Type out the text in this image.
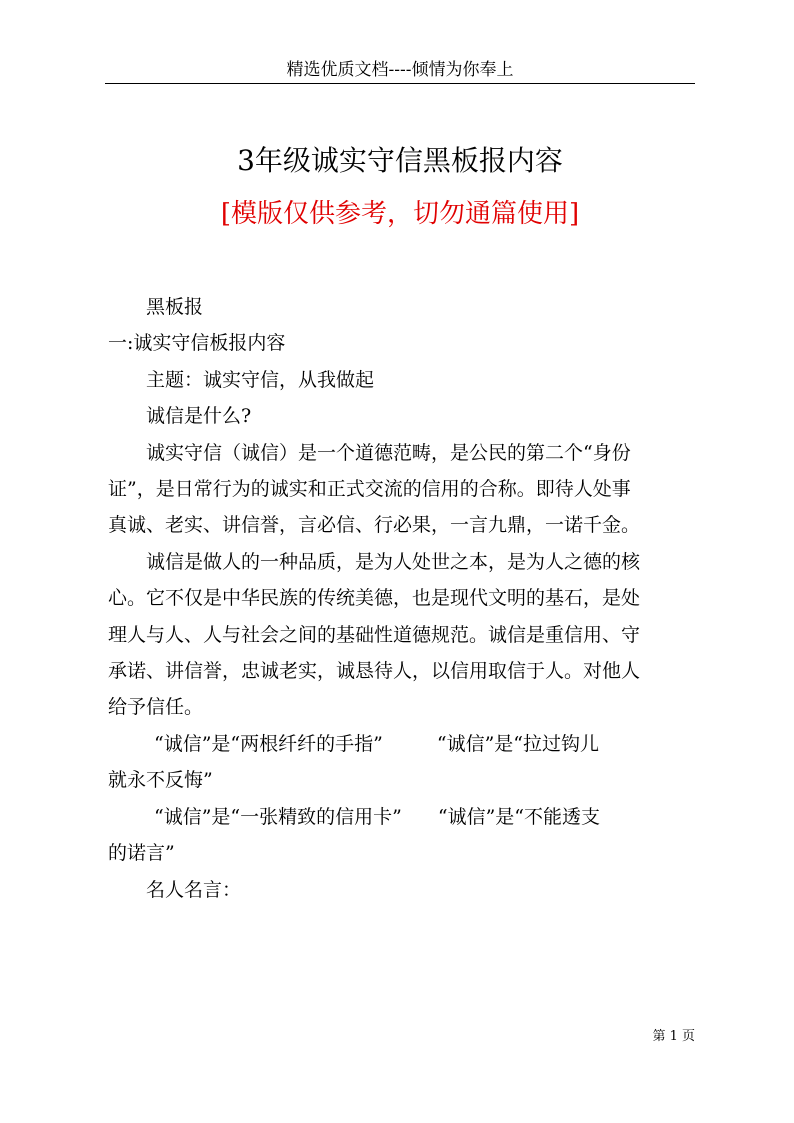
精选优质文档----倾情为你奉上
3年级诚实守信黑板报内容
[模版仅供参考，切勿通篇使用]

黑板报

一:诚实守信板报内容

主题：诚实守信，从我做起

诚信是什么?

诚实守信（诚信）是一个道德范畴，是公民的第二个“身份

证”，是日常行为的诚实和正式交流的信用的合称。即待人处事

真诚、老实、讲信誉，言必信、行必果，一言九鼎，一诺千金。

诚信是做人的一种品质，是为人处世之本，是为人之德的核

心。它不仅是中华民族的传统美德，也是现代文明的基石，是处

理人与人、人与社会之间的基础性道德规范。诚信是重信用、守

承诺、讲信誉，忠诚老实，诚恳待人，以信用取信于人。对他人

给予信任。

“诚信”是“两根纤纤的手指”	“诚信”是“拉过钩儿

就永不反悔”

“诚信”是“一张精致的信用卡” “诚信”是“不能透支

的诺言”

名人名言：

第 1 页
